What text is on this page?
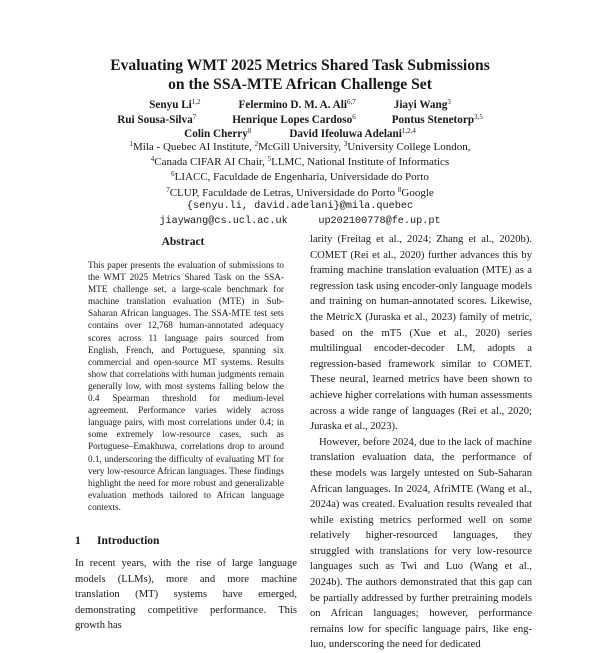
Evaluating WMT 2025 Metrics Shared Task Submissions
on the SSA-MTE African Challenge Set
Senyu Li$^{1,2}$	Felermino D. M. A. Ali$^{6,7}$	Jiayi Wang$^3$
Rui Sousa-Silva$^7$	Henrique Lopes Cardoso$^6$	Pontus Stenetorp$^{3,5}$
Colin Cherry$^8$	David Ifeoluwa Adelani$^{1,2,4}$
$^1$Mila - Quebec AI Institute, $^2$McGill University, $^3$University College London,
$^4$Canada CIFAR AI Chair, $^5$LLMC, National Institute of Informatics
$^6$LIACC, Faculdade de Engenharia, Universidade do Porto
$^7$CLUP, Faculdade de Letras, Universidade do Porto $^8$Google
{senyu.li, david.adelani}@mila.quebec
jiaywang@cs.ucl.ac.uk     up202100778@fe.up.pt
Abstract

This paper presents the evaluation of submissions to the WMT 2025 Metrics Shared Task on the SSA-MTE challenge set, a large-scale benchmark for machine translation evaluation (MTE) in Sub-Saharan African languages. The SSA-MTE test sets contains over 12,768 human-annotated adequacy scores across 11 language pairs sourced from English, French, and Portuguese, spanning six commercial and open-source MT systems. Results show that correlations with human judgments remain generally low, with most systems falling below the 0.4 Spearman threshold for medium-level agreement. Performance varies widely across language pairs, with most correlations under 0.4; in some extremely low-resource cases, such as Portuguese–Emakhuwa, correlations drop to around 0.1, underscoring the difficulty of evaluating MT for very low-resource African languages. These findings highlight the need for more robust and generalizable evaluation methods tailored to African language contexts.

1 Introduction
In recent years, with the rise of large language models (LLMs), more and more machine translation (MT) systems have emerged, demonstrating competitive performance. This growth has

larity (Freitag et al., 2024; Zhang et al., 2020b). COMET (Rei et al., 2020) further advances this by framing machine translation evaluation (MTE) as a regression task using encoder-only language models and training on human-annotated scores. Likewise, the MetricX (Juraska et al., 2023) family of metric, based on the mT5 (Xue et al., 2020) series multilingual encoder-decoder LM, adopts a regression-based framework similar to COMET. These neural, learned metrics have been shown to achieve higher correlations with human assessments across a wide range of languages (Rei et al., 2020; Juraska et al., 2023).

However, before 2024, due to the lack of machine translation evaluation data, the performance of these models was largely untested on Sub-Saharan African languages. In 2024, AfriMTE (Wang et al., 2024a) was created. Evaluation results revealed that while existing metrics performed well on some relatively higher-resourced languages, they struggled with translations for very low-resource languages such as Twi and Luo (Wang et al., 2024b). The authors demonstrated that this gap can be partially addressed by further pretraining models on African languages; however, performance remains low for specific language pairs, like eng-luo, underscoring the need for dedicated
